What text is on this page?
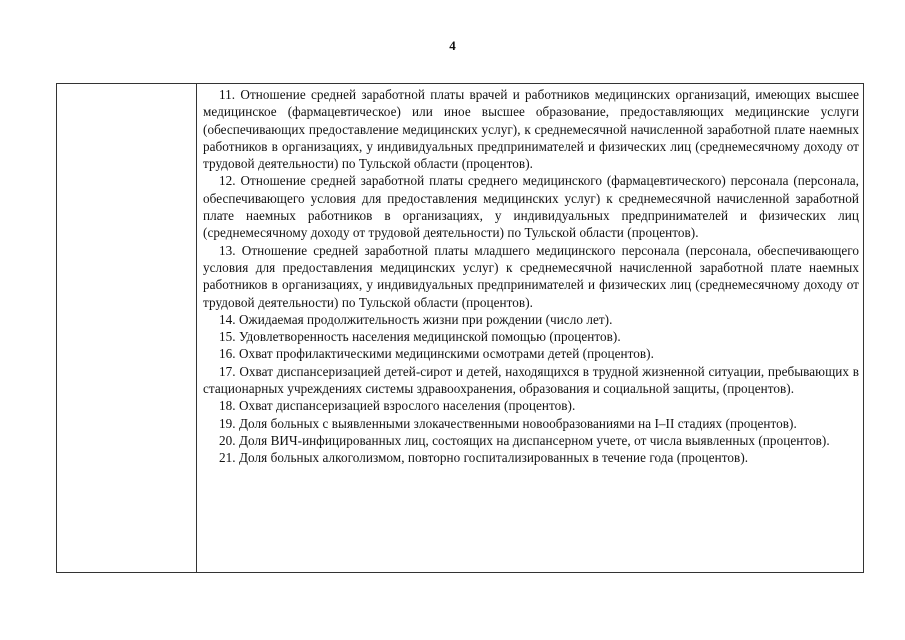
4

11. Отношение средней заработной платы врачей и работников медицинских организаций, имеющих высшее медицинское (фармацевтическое) или иное высшее образование, предоставляющих медицинские услуги (обеспечивающих предоставление медицинских услуг), к среднемесячной начисленной заработной плате наемных работников в организациях, у индивидуальных предпринимателей и физических лиц (среднемесячному доходу от трудовой деятельности) по Тульской области (процентов).

12. Отношение средней заработной платы среднего медицинского (фармацевтического) персонала (персонала, обеспечивающего условия для предоставления медицинских услуг) к среднемесячной начисленной заработной плате наемных работников в организациях, у индивидуальных предпринимателей и физических лиц (среднемесячному доходу от трудовой деятельности) по Тульской области (процентов).

13. Отношение средней заработной платы младшего медицинского персонала (персонала, обеспечивающего условия для предоставления медицинских услуг) к среднемесячной начисленной заработной плате наемных работников в организациях, у индивидуальных предпринимателей и физических лиц (среднемесячному доходу от трудовой деятельности) по Тульской области (процентов).

14. Ожидаемая продолжительность жизни при рождении (число лет).

15. Удовлетворенность населения медицинской помощью (процентов).

16. Охват профилактическими медицинскими осмотрами детей (процентов).

17. Охват диспансеризацией детей-сирот и детей, находящихся в трудной жизненной ситуации, пребывающих в стационарных учреждениях системы здравоохранения, образования и социальной защиты, (процентов).

18. Охват диспансеризацией взрослого населения (процентов).

19. Доля больных с выявленными злокачественными новообразованиями на I–II стадиях (процентов).

20. Доля ВИЧ-инфицированных лиц, состоящих на диспансерном учете, от числа выявленных (процентов).

21. Доля больных алкоголизмом, повторно госпитализированных в течение года (процентов).
